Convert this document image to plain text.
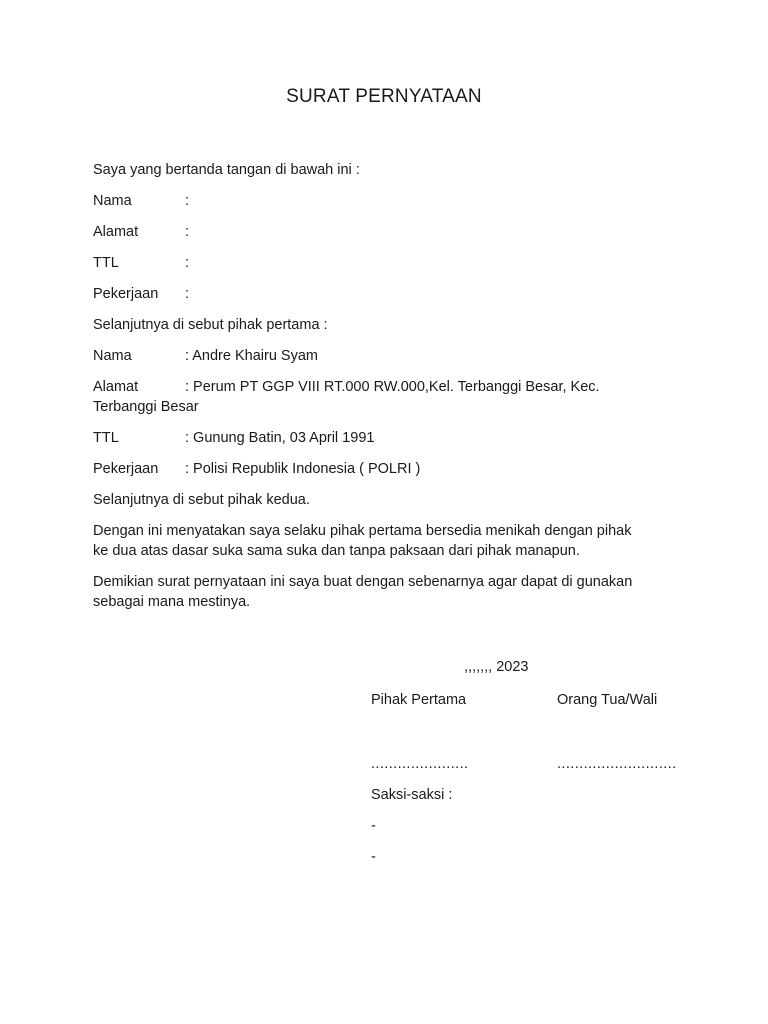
SURAT PERNYATAAN
Saya yang bertanda tangan di bawah ini :
Nama	:
Alamat	:
TTL	:
Pekerjaan	:
Selanjutnya di sebut pihak pertama :
Nama	: Andre Khairu Syam
Alamat	: Perum PT GGP VIII RT.000 RW.000,Kel. Terbanggi Besar, Kec.
Terbanggi Besar
TTL	: Gunung Batin, 03 April 1991
Pekerjaan	: Polisi Republik Indonesia ( POLRI )
Selanjutnya di sebut pihak kedua.
Dengan ini menyatakan saya selaku pihak pertama bersedia menikah dengan pihak
ke dua atas dasar suka sama suka dan tanpa paksaan dari pihak manapun.
Demikian surat pernyataan ini saya buat dengan sebenarnya agar dapat di gunakan
sebagai mana mestinya.
,,,,,,, 2023
Pihak Pertama	Orang Tua/Wali
......................	...........................
Saksi-saksi :
-
-
